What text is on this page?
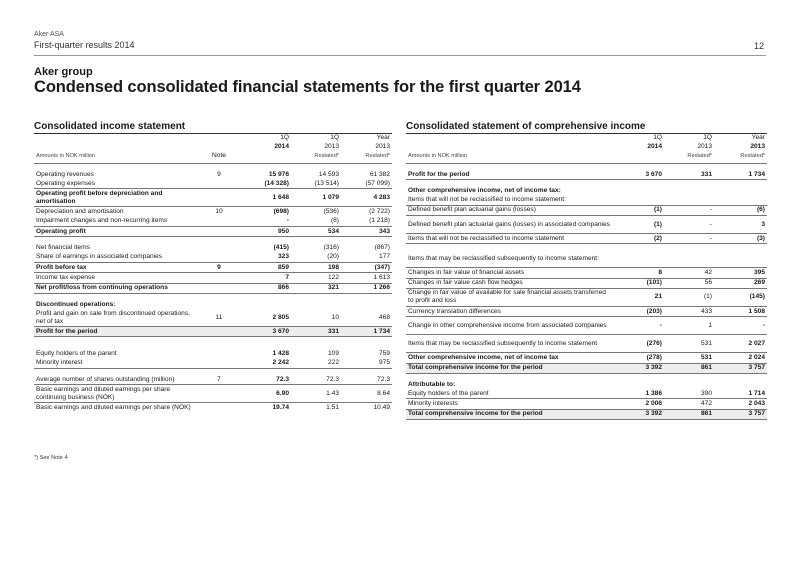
Aker ASA
First-quarter results 2014	12
Aker group
Condensed consolidated financial statements for the first quarter 2014
Consolidated income statement
		1Q	1Q	Year
		2014	2013	2013
Amounts in NOK million	Note		Restated*	Restated*

Operating revenues	9	15 976	14 593	61 382
Operating expenses		(14 328)	(13 514)	(57 099)
Operating profit before depreciation and amortisation		1 648	1 079	4 283
Depreciation and amortisation	10	(698)	(536)	(2 722)
Impairment changes and non-recurring items		-	(8)	(1 218)
Operating profit		950	534	343

Net financial items		(415)	(316)	(867)
Share of earnings in associated companies		323	(20)	177
Profit before tax	9	859	198	(347)
Income tax expense		7	122	1 613
Net profit/loss from continuing operations		866	321	1 266

Discontinued operations:				
Profit and gain on sale from discontinued operations, net of tax	11	2 805	10	468
Profit for the period		3 670	331	1 734

Equity holders of the parent		1 428	109	759
Minority interest		2 242	222	975

Average number of shares outstanding (million)	7	72.3	72.3	72.3
Basic earnings and diluted earnings per share continuing business (NOK)		6.90	1.43	8.64
Basic earnings and diluted earnings per share (NOK)		19.74	1.51	10.49
Consolidated statement of comprehensive income
	1Q	1Q	Year
	2014	2013	2013
Amounts in NOK million		Restated*	Restated*

Profit for the period	3 670	331	1 734

Other comprehensive income, net of income tax:			
Items that will not be reclassified to income statement:			
Defined benefit plan actuarial gains (losses)	(1)	-	(6)
Defined benefit plan actuarial gains (losses) in associated companies	(1)	-	3
Items that will not be reclassified to income statement	(2)	-	(3)

Items that may be reclassified subsequently to income statement:			
Changes in fair value of financial assets	8	42	395
Changes in fair value cash flow hedges	(101)	56	269
Change in fair value of available for sale financial assets transferred to profit and loss	21	(1)	(145)
Currency translation differences	(203)	433	1 508
Change in other comprehensive income from associated companies	-	1	-
Items that may be reclassified subsequently to income statement	(276)	531	2 027
Other comprehensive income, net of income tax	(278)	531	2 024
Total comprehensive income for the period	3 392	861	3 757

Attributable to:			
Equity holders of the parent	1 386	390	1 714
Minority interests	2 006	472	2 043
Total comprehensive income for the period	3 392	861	3 757
*) See Note 4
